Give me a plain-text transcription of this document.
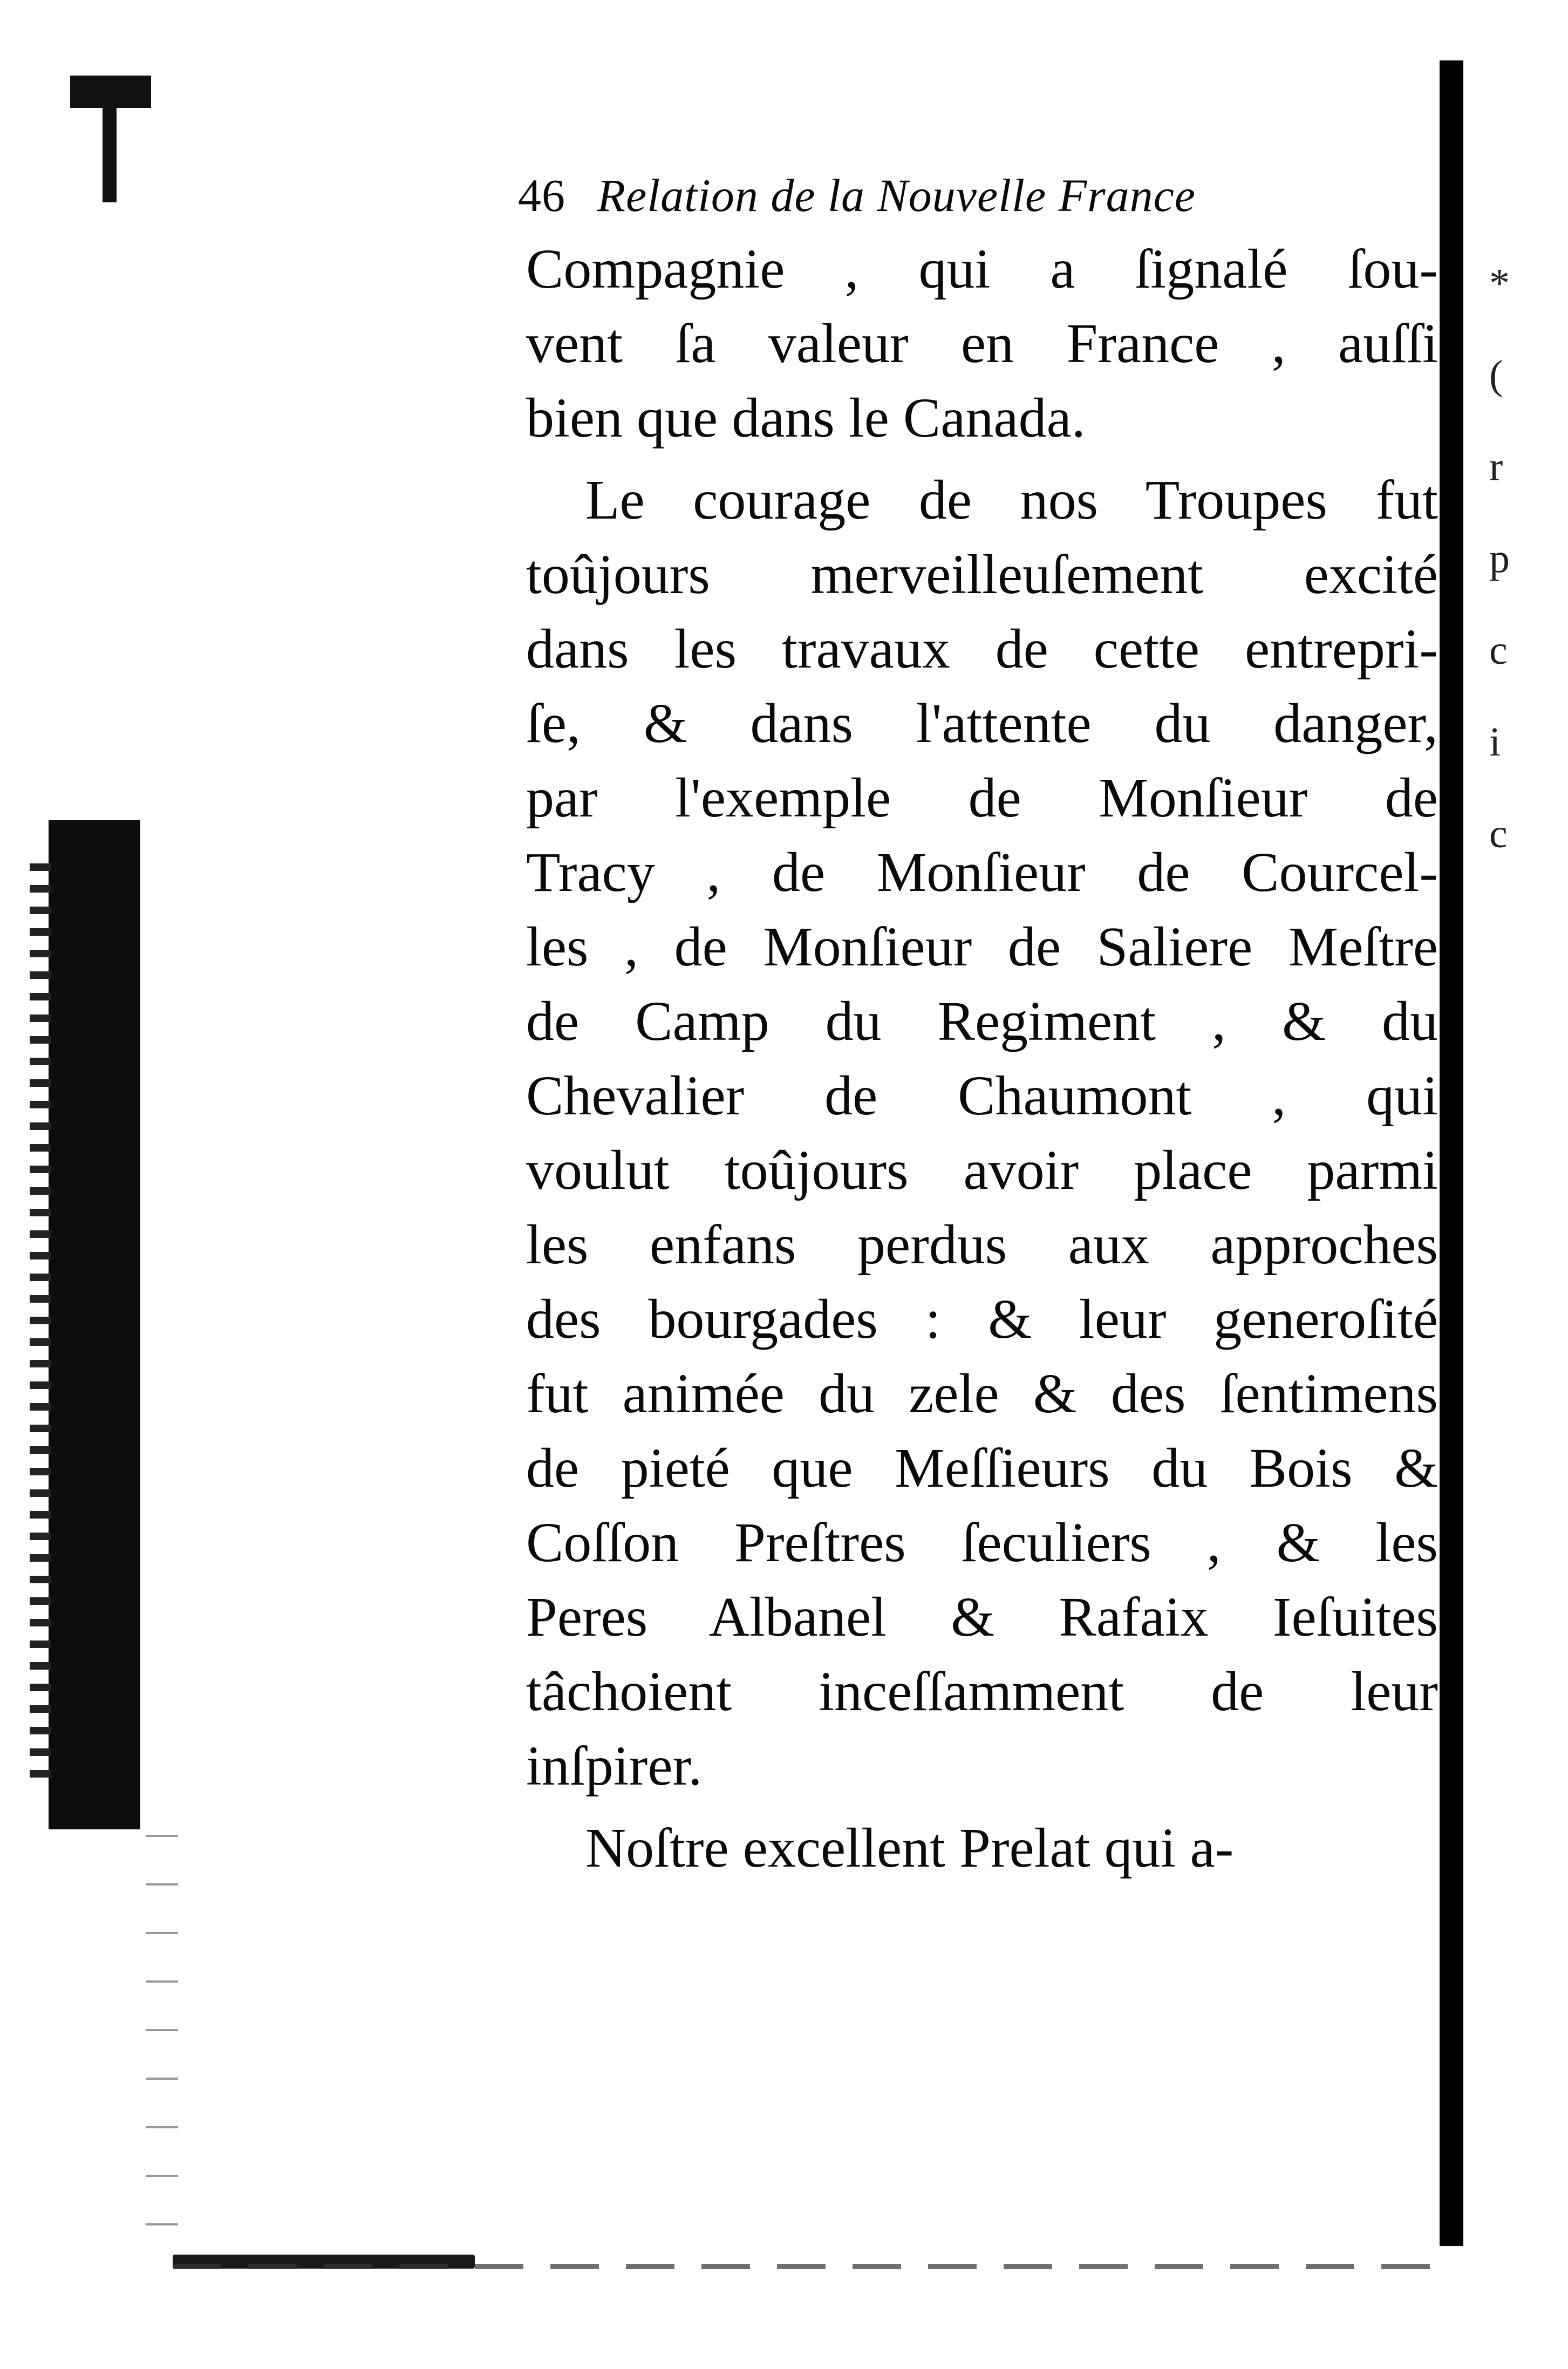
*
(
r
p
c
i
c
46 Relation de la Nouvelle France
Compagnie , qui a ſignalé ſou-
vent ſa valeur en France , auſſi
bien que dans le Canada.
Le courage de nos Troupes fut
toûjours merveilleuſement excité
dans les travaux de cette entrepri-
ſe, & dans l'attente du danger,
par l'exemple de Monſieur de
Tracy , de Monſieur de Courcel-
les , de Monſieur de Saliere Meſtre
de Camp du Regiment , & du
Chevalier de Chaumont , qui
voulut toûjours avoir place parmi
les enfans perdus aux approches
des bourgades : & leur generoſité
fut animée du zele & des ſentimens
de pieté que Meſſieurs du Bois &
Coſſon Preſtres ſeculiers , & les
Peres Albanel & Rafaix Ieſuites
tâchoient inceſſamment de leur
inſpirer.
Noſtre excellent Prelat qui a-
